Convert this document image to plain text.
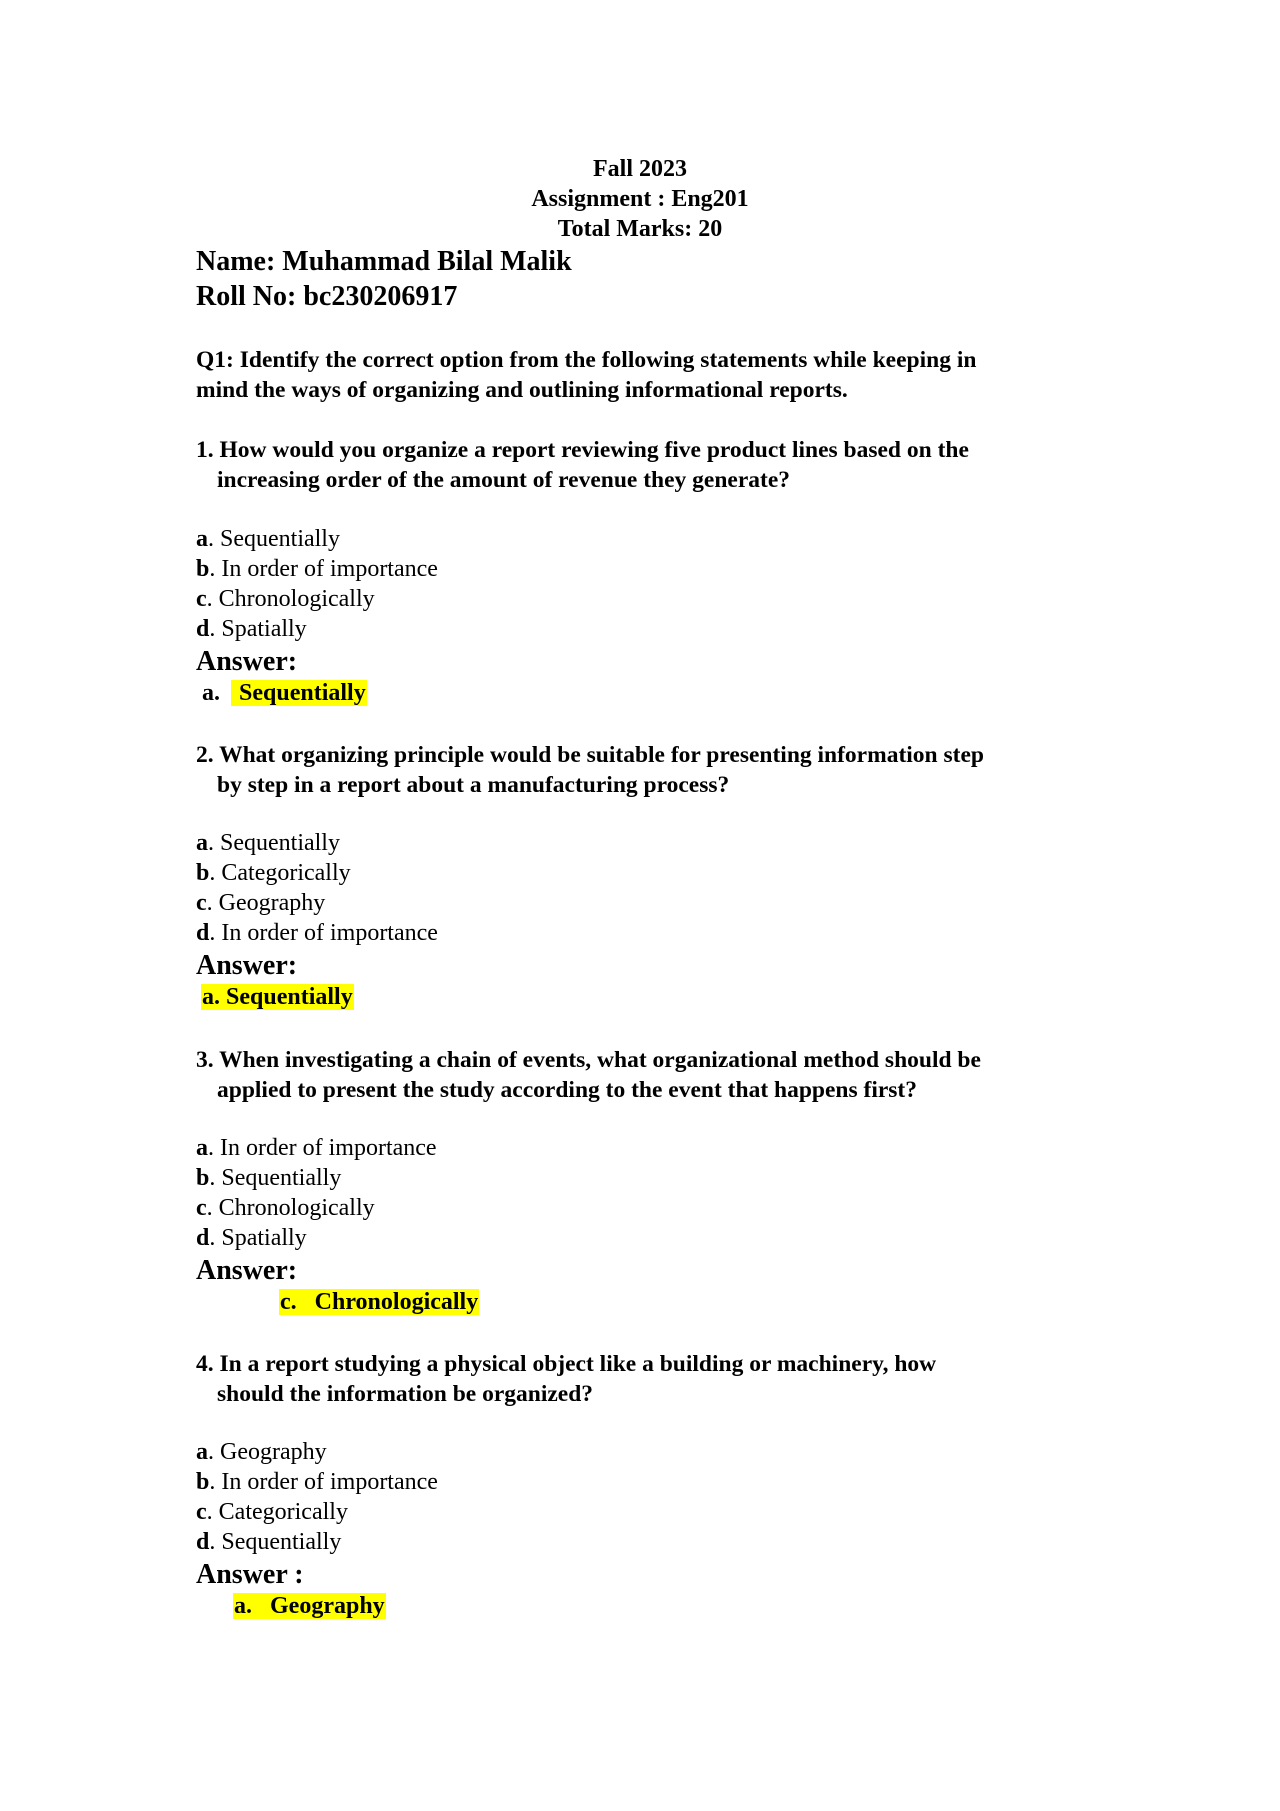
Fall 2023
Assignment : Eng201
Total Marks: 20
Name: Muhammad Bilal Malik
Roll No: bc230206917
Q1: Identify the correct option from the following statements while keeping in
mind the ways of organizing and outlining informational reports.
1. How would you organize a report reviewing five product lines based on the
increasing order of the amount of revenue they generate?
a. Sequentially
b. In order of importance
c. Chronologically
d. Spatially
Answer:
a. Sequentially
2. What organizing principle would be suitable for presenting information step
by step in a report about a manufacturing process?
a. Sequentially
b. Categorically
c. Geography
d. In order of importance
Answer:
a. Sequentially
3. When investigating a chain of events, what organizational method should be
applied to present the study according to the event that happens first?
a. In order of importance
b. Sequentially
c. Chronologically
d. Spatially
Answer:
c. Chronologically
4. In a report studying a physical object like a building or machinery, how
should the information be organized?
a. Geography
b. In order of importance
c. Categorically
d. Sequentially
Answer :
a. Geography
